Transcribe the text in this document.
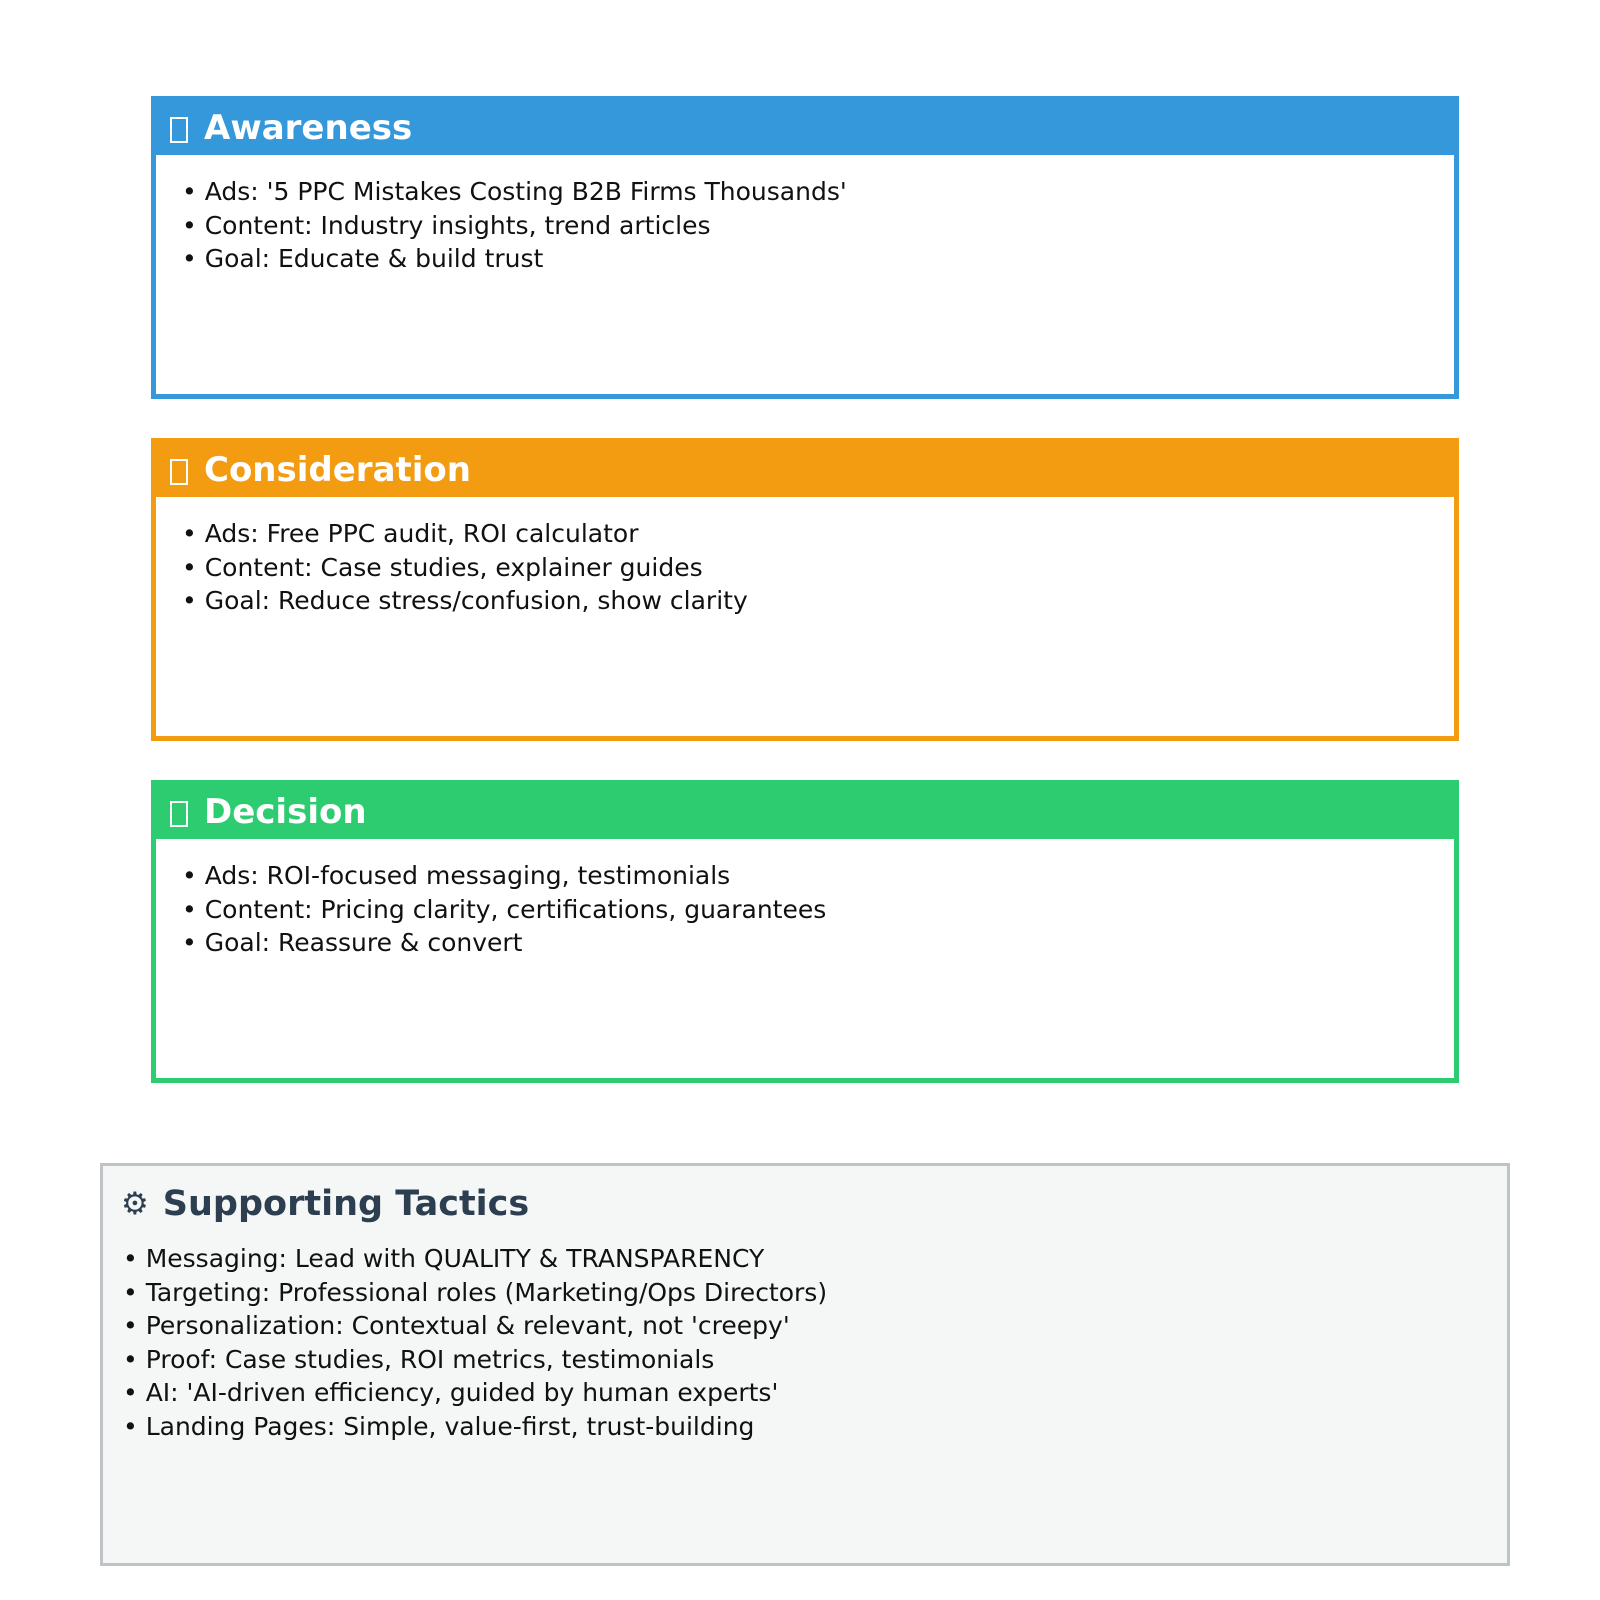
Awareness
• Ads: '5 PPC Mistakes Costing B2B Firms Thousands'
• Content: Industry insights, trend articles
• Goal: Educate & build trust
Consideration
• Ads: Free PPC audit, ROI calculator
• Content: Case studies, explainer guides
• Goal: Reduce stress/confusion, show clarity
Decision
• Ads: ROI-focused messaging, testimonials
• Content: Pricing clarity, certifications, guarantees
• Goal: Reassure & convert
⚙ Supporting Tactics
• Messaging: Lead with QUALITY & TRANSPARENCY
• Targeting: Professional roles (Marketing/Ops Directors)
• Personalization: Contextual & relevant, not 'creepy'
• Proof: Case studies, ROI metrics, testimonials
• AI: 'AI-driven efficiency, guided by human experts'
• Landing Pages: Simple, value-first, trust-building
